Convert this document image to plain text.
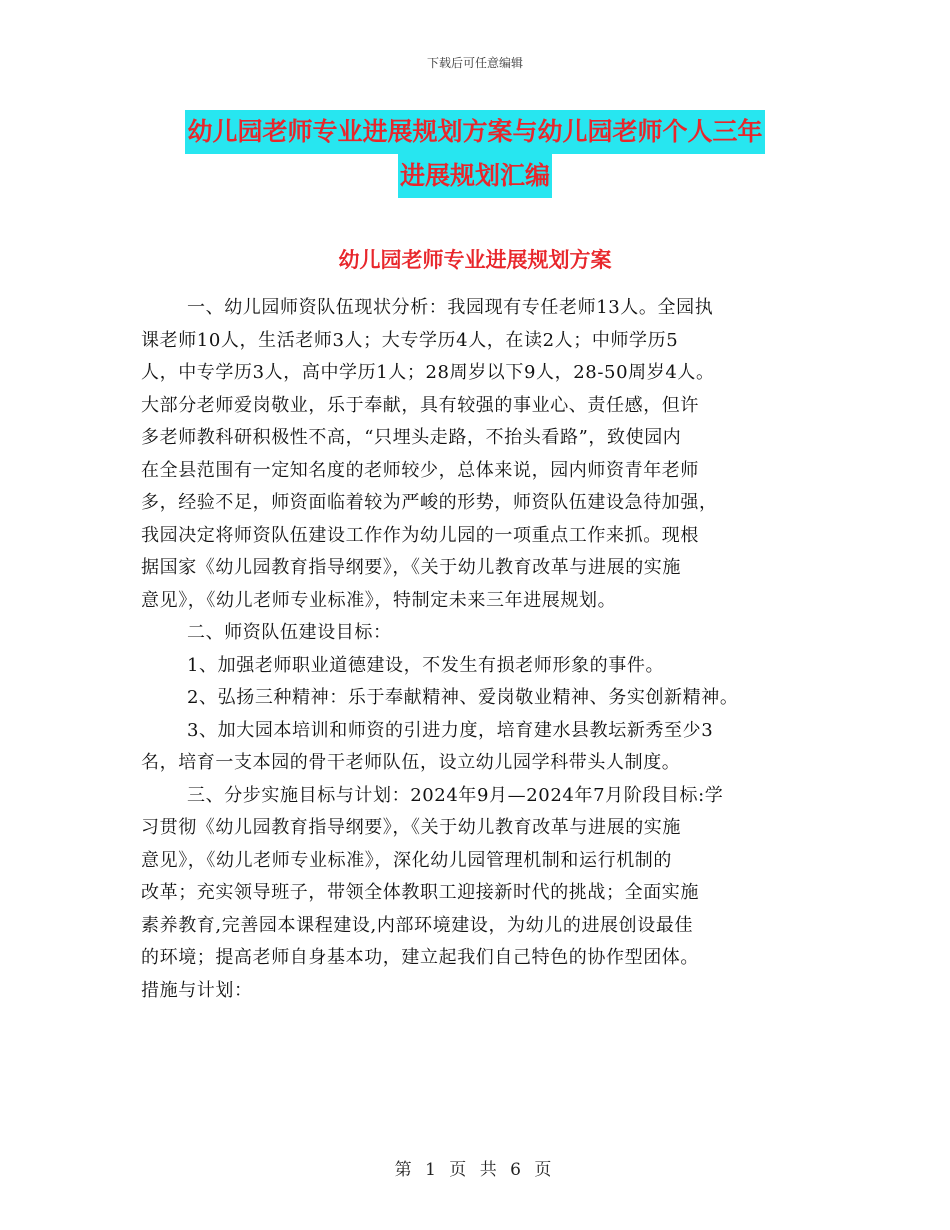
下载后可任意编辑
幼儿园老师专业进展规划方案与幼儿园老师个人三年
进展规划汇编
幼儿园老师专业进展规划方案
一、幼儿园师资队伍现状分析：我园现有专任老师13人。全园执
课老师10人，生活老师3人；大专学历4人，在读2人；中师学历5
人，中专学历3人，高中学历1人；28周岁以下9人，28-50周岁4人。
大部分老师爱岗敬业，乐于奉献，具有较强的事业心、责任感，但许
多老师教科研积极性不高，“只埋头走路，不抬头看路”，致使园内
在全县范围有一定知名度的老师较少，总体来说，园内师资青年老师
多，经验不足，师资面临着较为严峻的形势，师资队伍建设急待加强，
我园决定将师资队伍建设工作作为幼儿园的一项重点工作来抓。现根
据国家《幼儿园教育指导纲要》，《关于幼儿教育改革与进展的实施
意见》，《幼儿老师专业标准》，特制定未来三年进展规划。
二、师资队伍建设目标：
1、加强老师职业道德建设，不发生有损老师形象的事件。
2、弘扬三种精神：乐于奉献精神、爱岗敬业精神、务实创新精神。
3、加大园本培训和师资的引进力度，培育建水县教坛新秀至少3
名，培育一支本园的骨干老师队伍，设立幼儿园学科带头人制度。
三、分步实施目标与计划：2024年9月—2024年7月阶段目标:学
习贯彻《幼儿园教育指导纲要》，《关于幼儿教育改革与进展的实施
意见》，《幼儿老师专业标准》，深化幼儿园管理机制和运行机制的
改革；充实领导班子，带领全体教职工迎接新时代的挑战；全面实施
素养教育,完善园本课程建设,内部环境建设，为幼儿的进展创设最佳
的环境；提高老师自身基本功，建立起我们自己特色的协作型团体。
措施与计划：
第 1 页 共 6 页
